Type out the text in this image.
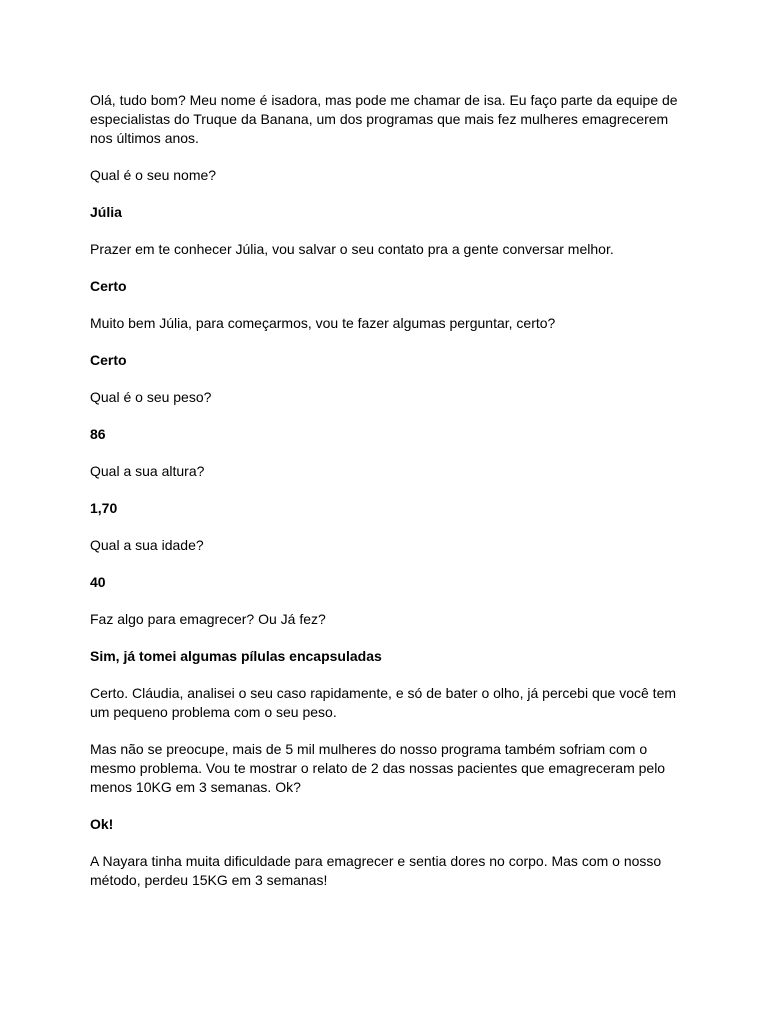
Olá, tudo bom? Meu nome é isadora, mas pode me chamar de isa. Eu faço parte da equipe de
especialistas do Truque da Banana, um dos programas que mais fez mulheres emagrecerem
nos últimos anos.

Qual é o seu nome?

Júlia

Prazer em te conhecer Júlia, vou salvar o seu contato pra a gente conversar melhor.

Certo

Muito bem Júlia, para começarmos, vou te fazer algumas perguntar, certo?

Certo

Qual é o seu peso?

86

Qual a sua altura?

1,70

Qual a sua idade?

40

Faz algo para emagrecer? Ou Já fez?

Sim, já tomei algumas pílulas encapsuladas

Certo. Cláudia, analisei o seu caso rapidamente, e só de bater o olho, já percebi que você tem
um pequeno problema com o seu peso.

Mas não se preocupe, mais de 5 mil mulheres do nosso programa também sofriam com o
mesmo problema. Vou te mostrar o relato de 2 das nossas pacientes que emagreceram pelo
menos 10KG em 3 semanas. Ok?

Ok!

A Nayara tinha muita dificuldade para emagrecer e sentia dores no corpo. Mas com o nosso
método, perdeu 15KG em 3 semanas!
